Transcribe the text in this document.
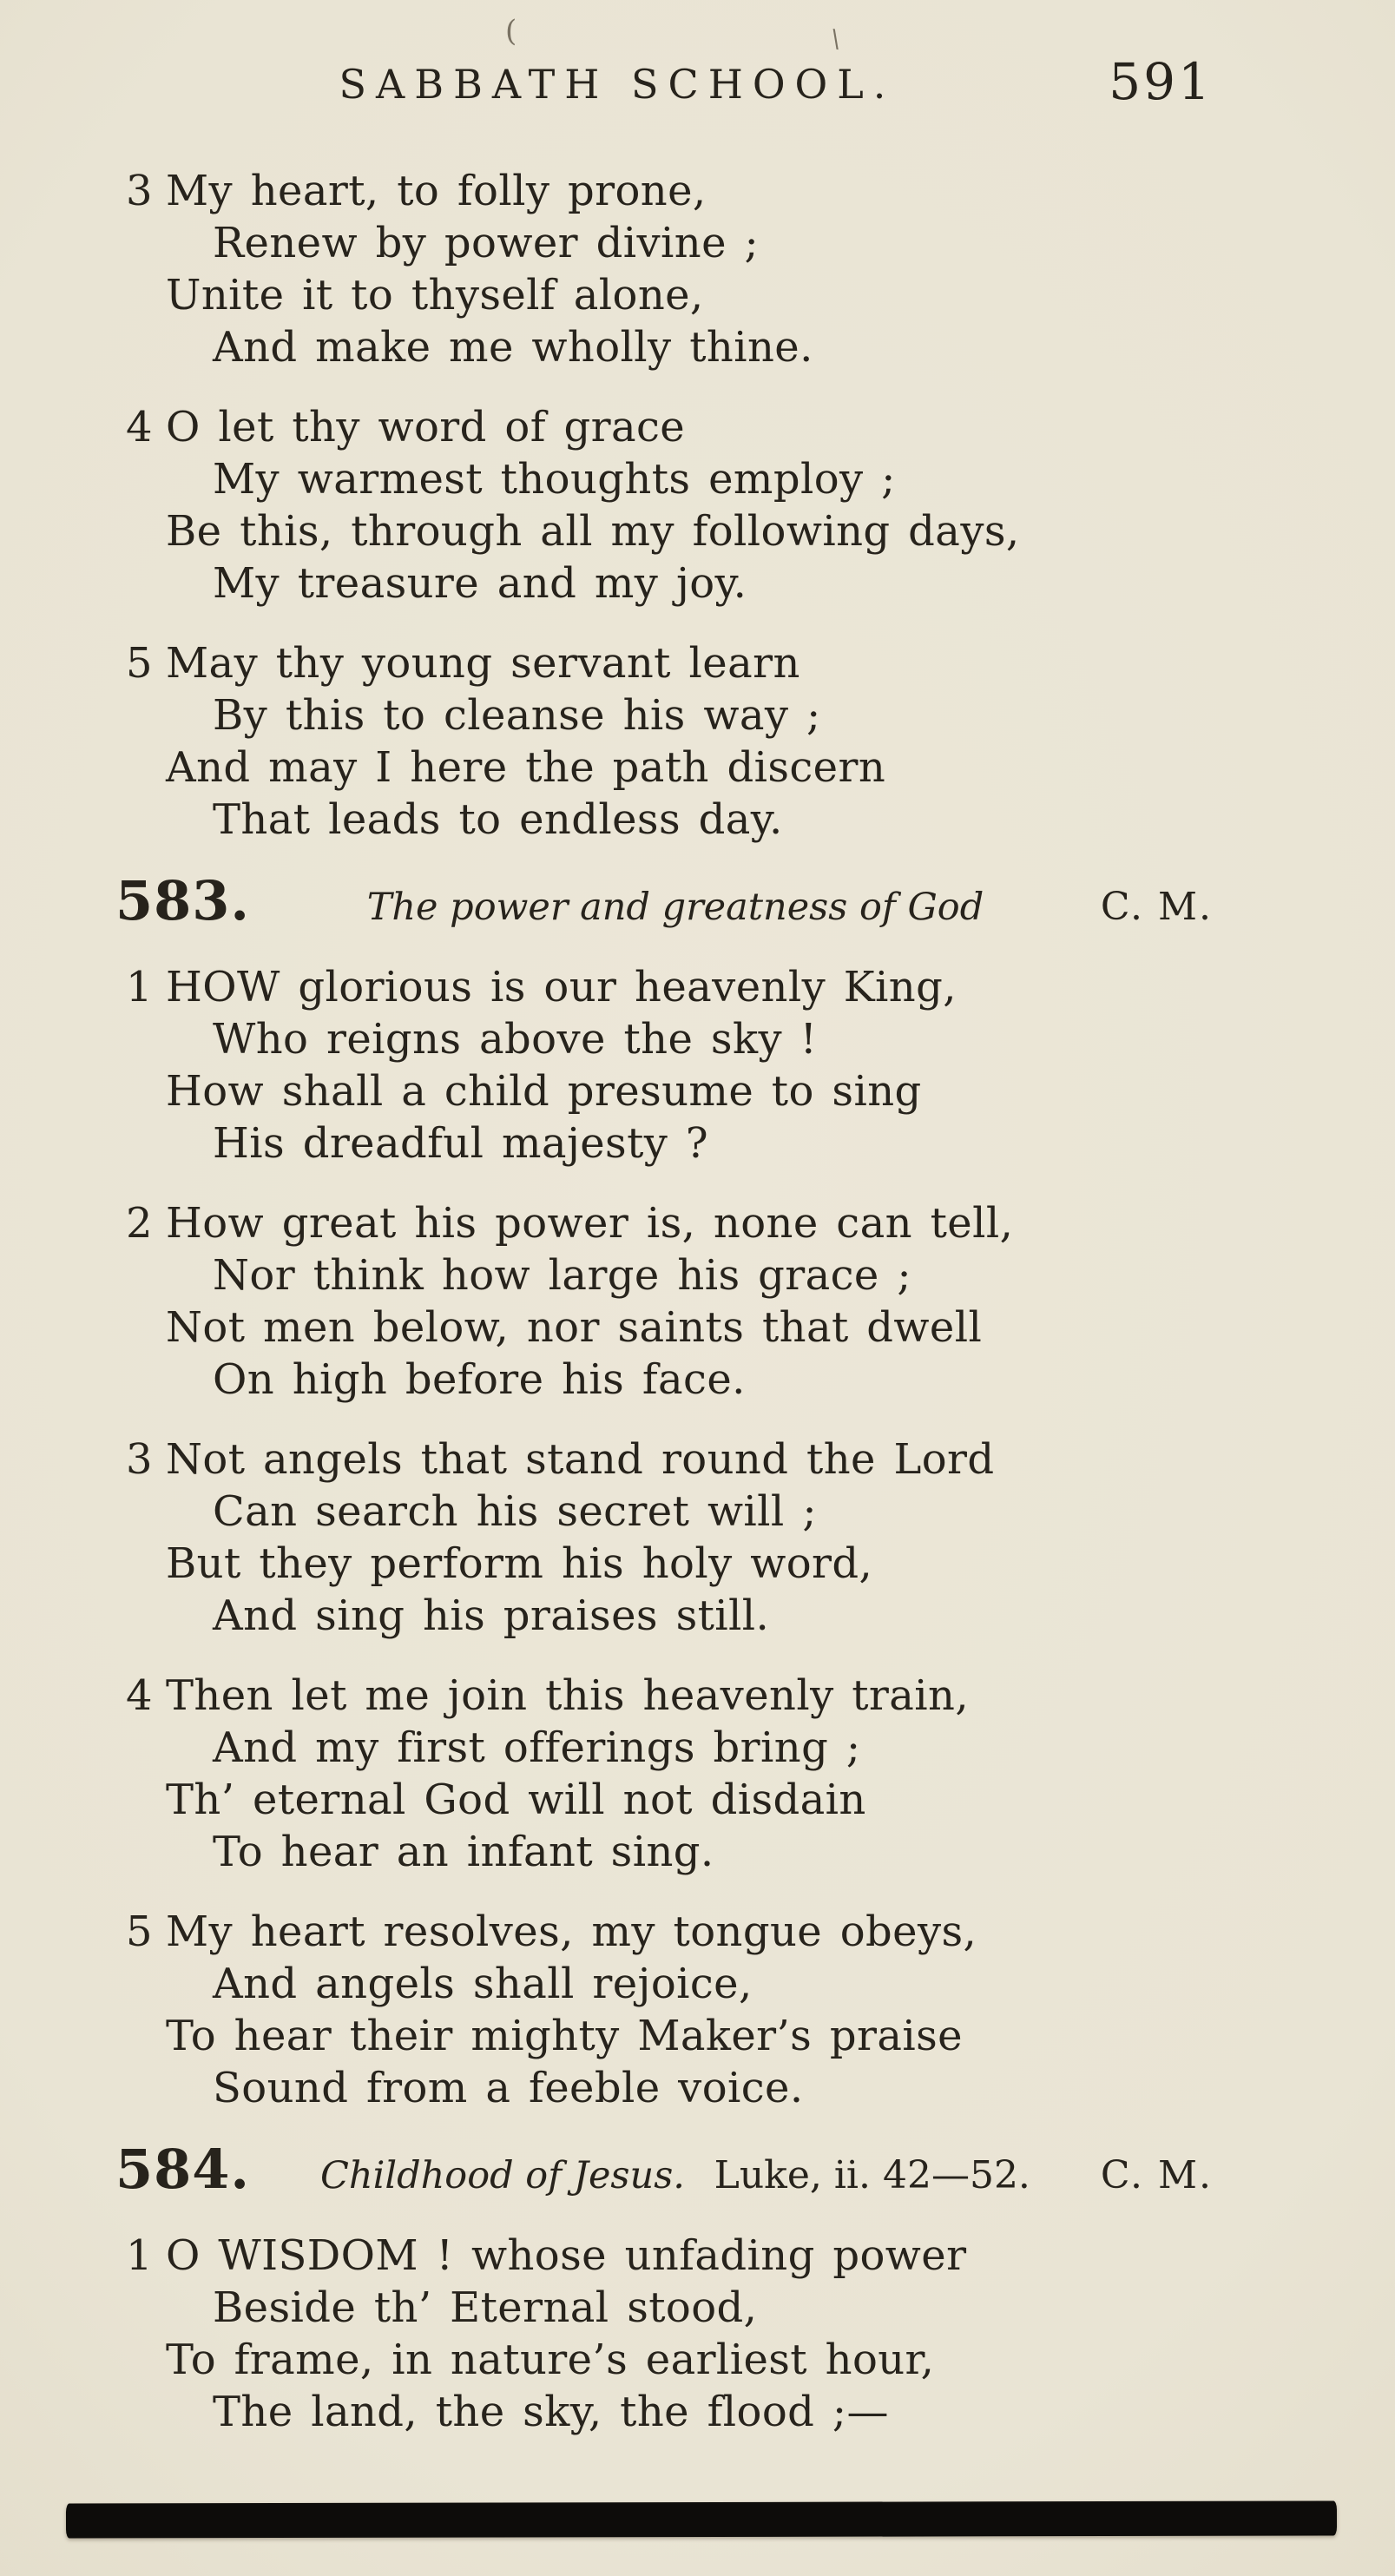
(	\
SABBATH SCHOOL.	591
3 My heart, to folly prone,
Renew by power divine ;
Unite it to thyself alone,
And make me wholly thine.
4 O let thy word of grace
My warmest thoughts employ ;
Be this, through all my following days,
My treasure and my joy.
5 May thy young servant learn
By this to cleanse his way ;
And may I here the path discern
That leads to endless day.
583.	The power and greatness of God	C. M.
1 HOW glorious is our heavenly King,
Who reigns above the sky !
How shall a child presume to sing
His dreadful majesty ?
2 How great his power is, none can tell,
Nor think how large his grace ;
Not men below, nor saints that dwell
On high before his face.
3 Not angels that stand round the Lord
Can search his secret will ;
But they perform his holy word,
And sing his praises still.
4 Then let me join this heavenly train,
And my first offerings bring ;
Th’ eternal God will not disdain
To hear an infant sing.
5 My heart resolves, my tongue obeys,
And angels shall rejoice,
To hear their mighty Maker’s praise
Sound from a feeble voice.
584.	Childhood of Jesus. Luke, ii. 42—52.	C. M.
1 O WISDOM ! whose unfading power
Beside th’ Eternal stood,
To frame, in nature’s earliest hour,
The land, the sky, the flood ;—
